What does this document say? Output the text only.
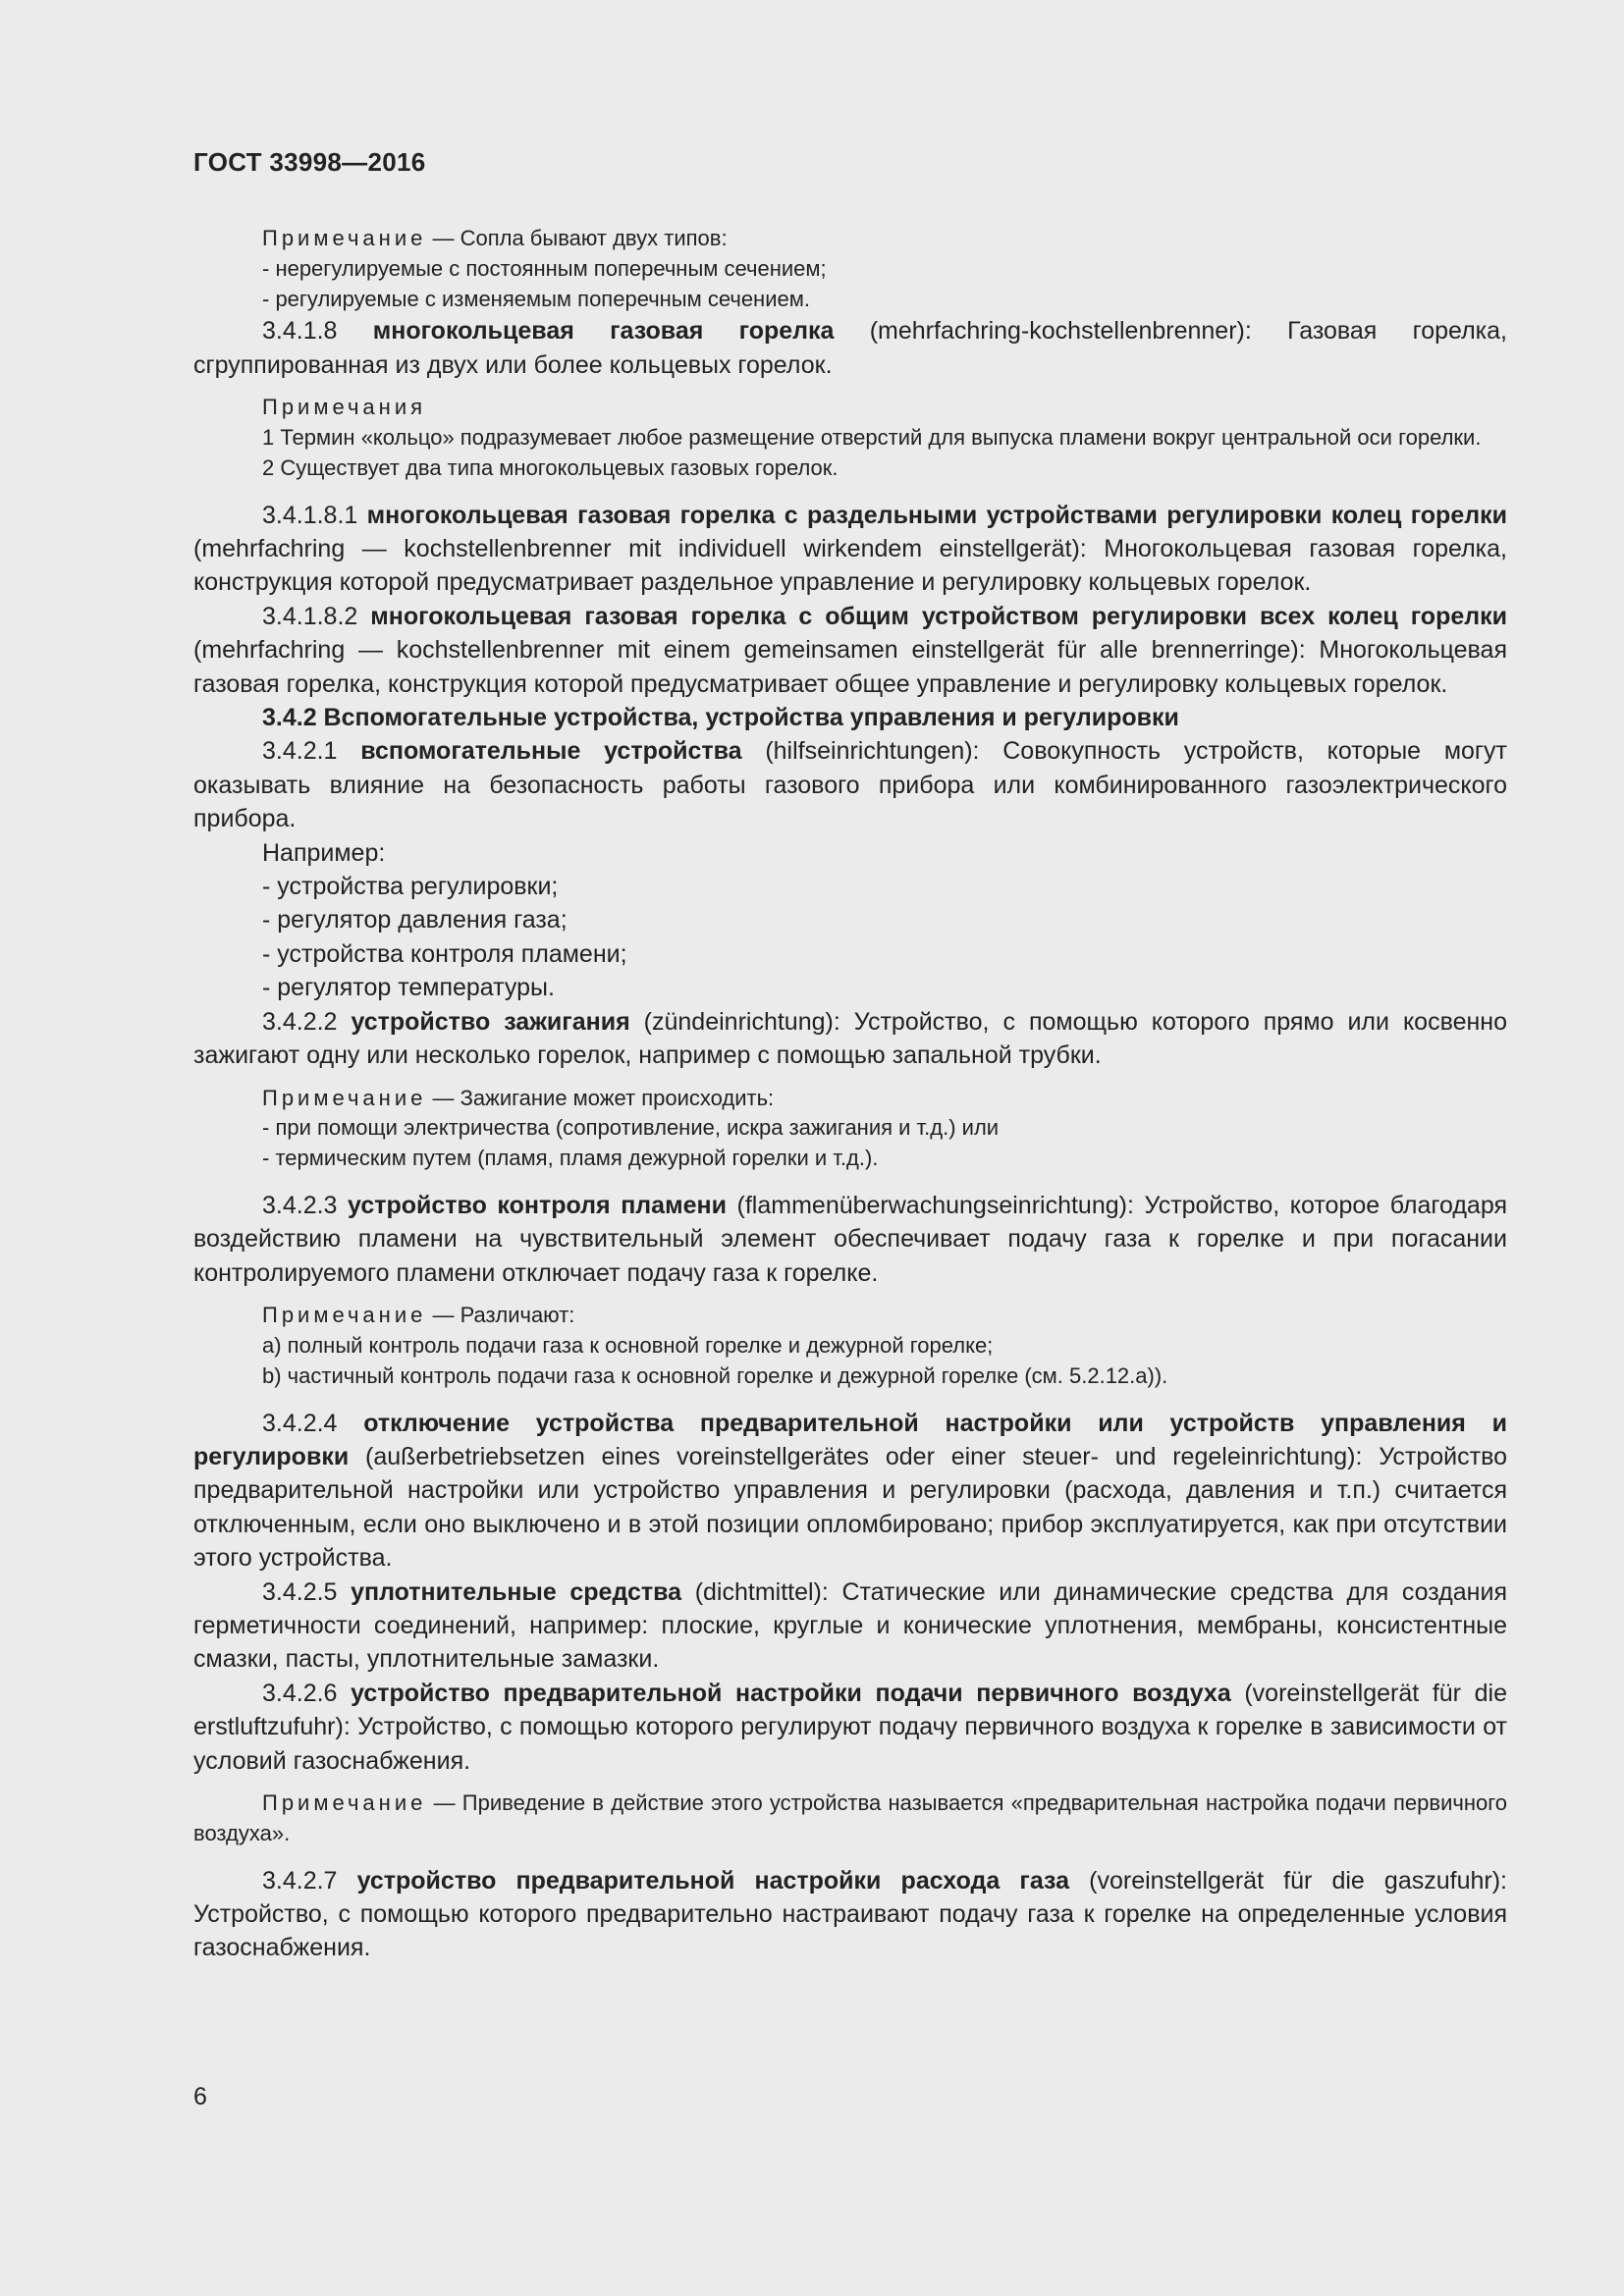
ГОСТ 33998—2016

Примечание — Сопла бывают двух типов:

- нерегулируемые с постоянным поперечным сечением;

- регулируемые с изменяемым поперечным сечением.

3.4.1.8 многокольцевая газовая горелка (mehrfachring-kochstellenbrenner): Газовая горелка, сгруппированная из двух или более кольцевых горелок.

Примечания

1 Термин «кольцо» подразумевает любое размещение отверстий для выпуска пламени вокруг центральной оси горелки.

2 Существует два типа многокольцевых газовых горелок.

3.4.1.8.1 многокольцевая газовая горелка с раздельными устройствами регулировки колец горелки (mehrfachring — kochstellenbrenner mit individuell wirkendem einstellgerät): Многокольцевая газовая горелка, конструкция которой предусматривает раздельное управление и регулировку кольцевых горелок.

3.4.1.8.2 многокольцевая газовая горелка с общим устройством регулировки всех колец горелки (mehrfachring — kochstellenbrenner mit einem gemeinsamen einstellgerät für alle brennerringe): Многокольцевая газовая горелка, конструкция которой предусматривает общее управление и регулировку кольцевых горелок.

3.4.2 Вспомогательные устройства, устройства управления и регулировки

3.4.2.1 вспомогательные устройства (hilfseinrichtungen): Совокупность устройств, которые могут оказывать влияние на безопасность работы газового прибора или комбинированного газоэлектрического прибора.

Например:

- устройства регулировки;

- регулятор давления газа;

- устройства контроля пламени;

- регулятор температуры.

3.4.2.2 устройство зажигания (zündeinrichtung): Устройство, с помощью которого прямо или косвенно зажигают одну или несколько горелок, например с помощью запальной трубки.

Примечание — Зажигание может происходить:

- при помощи электричества (сопротивление, искра зажигания и т.д.) или

- термическим путем (пламя, пламя дежурной горелки и т.д.).

3.4.2.3 устройство контроля пламени (flammenüberwachungseinrichtung): Устройство, которое благодаря воздействию пламени на чувствительный элемент обеспечивает подачу газа к горелке и при погасании контролируемого пламени отключает подачу газа к горелке.

Примечание — Различают:

a) полный контроль подачи газа к основной горелке и дежурной горелке;

b) частичный контроль подачи газа к основной горелке и дежурной горелке (см. 5.2.12.a)).

3.4.2.4 отключение устройства предварительной настройки или устройств управления и регулировки (außerbetriebsetzen eines voreinstellgerätes oder einer steuer- und regeleinrichtung): Устройство предварительной настройки или устройство управления и регулировки (расхода, давления и т.п.) считается отключенным, если оно выключено и в этой позиции опломбировано; прибор эксплуатируется, как при отсутствии этого устройства.

3.4.2.5 уплотнительные средства (dichtmittel): Статические или динамические средства для создания герметичности соединений, например: плоские, круглые и конические уплотнения, мембраны, консистентные смазки, пасты, уплотнительные замазки.

3.4.2.6 устройство предварительной настройки подачи первичного воздуха (voreinstellgerät für die erstluftzufuhr): Устройство, с помощью которого регулируют подачу первичного воздуха к горелке в зависимости от условий газоснабжения.

Примечание — Приведение в действие этого устройства называется «предварительная настройка подачи первичного воздуха».

3.4.2.7 устройство предварительной настройки расхода газа (voreinstellgerät für die gaszufuhr): Устройство, с помощью которого предварительно настраивают подачу газа к горелке на определенные условия газоснабжения.

6
